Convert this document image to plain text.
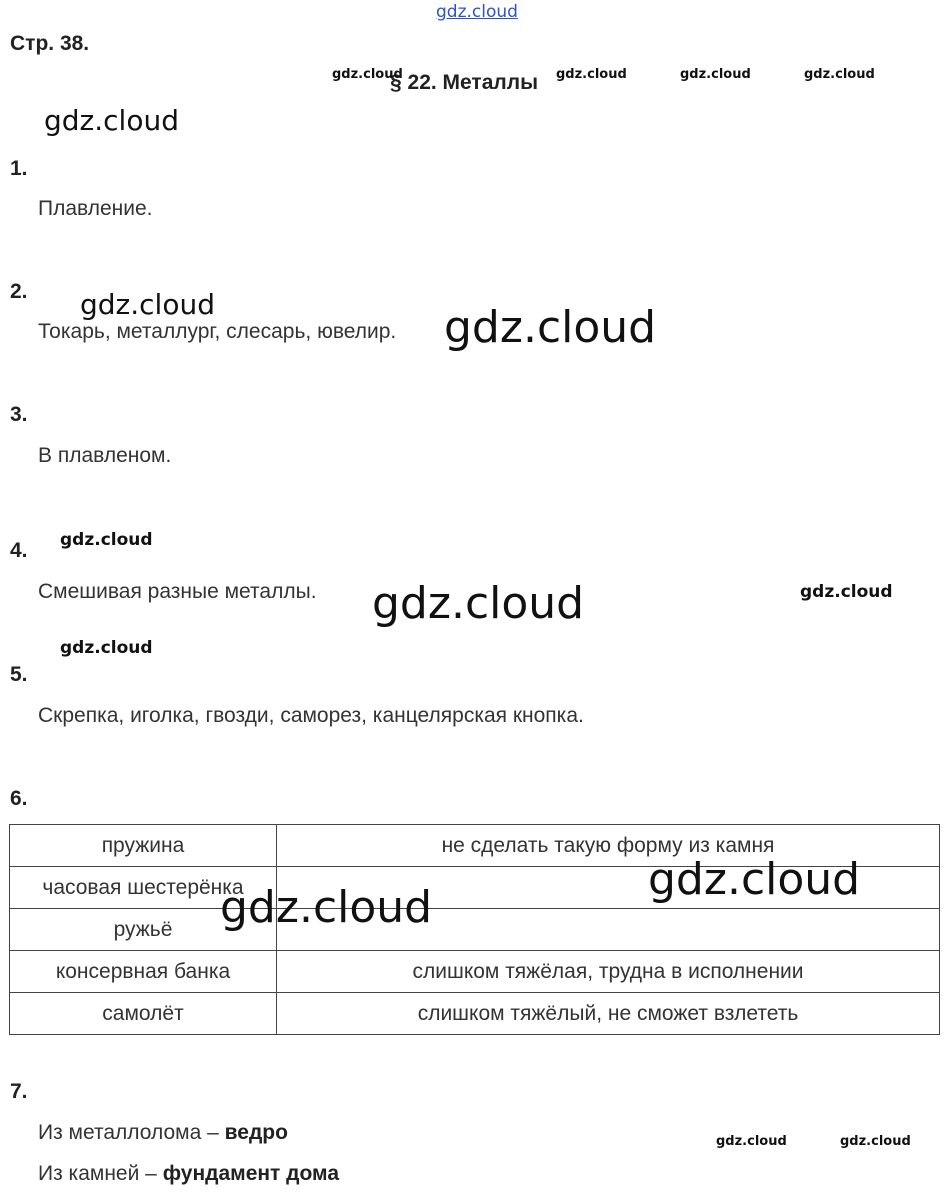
Стр. 38.
§ 22. Металлы
1.
Плавление.
2.
Токарь, металлург, слесарь, ювелир.
3.
В плавленом.
4.
Смешивая разные металлы.
5.
Скрепка, иголка, гвозди, саморез, канцелярская кнопка.
6.
пружина	не сделать такую форму из камня
часовая шестерёнка	
ружьё	
консервная банка	слишком тяжёлая, трудна в исполнении
самолёт	слишком тяжёлый, не сможет взлететь
7.
Из металлолома – ведро
Из камней – фундамент дома
gdz.cloud
gdz.cloud	gdz.cloud	gdz.cloud	gdz.cloud
gdz.cloud
gdz.cloud	gdz.cloud
gdz.cloud
gdz.cloud	gdz.cloud
gdz.cloud
gdz.cloud
gdz.cloud
gdz.cloud	gdz.cloud
